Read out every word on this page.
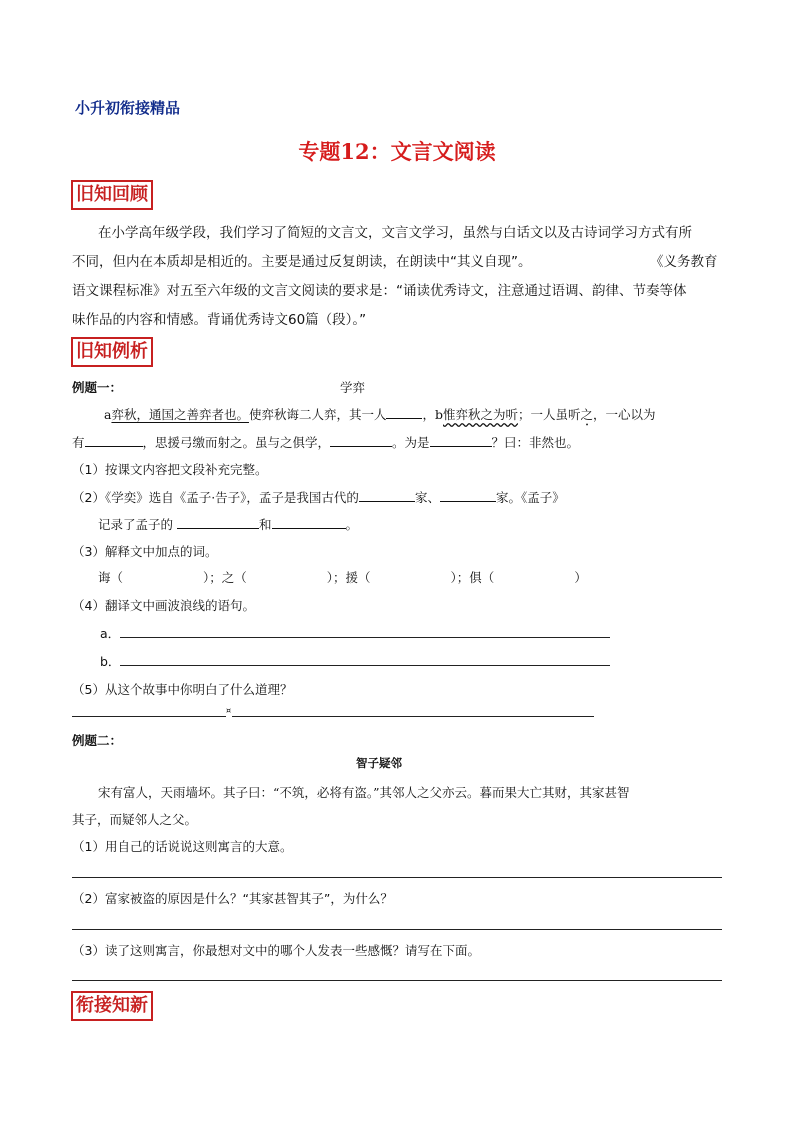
小升初衔接精品
专题12：文言文阅读
旧知回顾
在小学高年级学段，我们学习了简短的文言文，文言文学习，虽然与白话文以及古诗词学习方式有所
不同，但内在本质却是相近的。主要是通过反复朗读，在朗读中“其义自现”。	《义务教育
语文课程标准》对五至六年级的文言文阅读的要求是：“诵读优秀诗文，注意通过语调、韵律、节奏等体
味作品的内容和情感。背诵优秀诗文60篇（段）。”
旧知例析
例题一：	学弈
a弈秋，通国之善弈者也。使弈秋诲二人弈，其一人	，b惟弈秋之为听；一人虽听之，一心以为
有	，思援弓缴而射之。虽与之俱学，	。为是	？曰：非然也。
（1）按课文内容把文段补充完整。
（2）《学奕》选自《孟子·告子》，孟子是我国古代的	家、	家。《孟子》
记录了孟子的	和	。
（3）解释文中加点的词。
诲（	）；之（	）；援（	）；俱（	）
（4）翻译文中画波浪线的语句。
a．
b．
（5）从这个故事中你明白了什么道理？
¤
例题二：
智子疑邻
宋有富人，天雨墙坏。其子曰：“不筑，必将有盗。”其邻人之父亦云。暮而果大亡其财，其家甚智
其子，而疑邻人之父。
（1）用自己的话说说这则寓言的大意。
（2）富家被盗的原因是什么？“其家甚智其子”，为什么？
（3）读了这则寓言，你最想对文中的哪个人发表一些感慨？请写在下面。
衔接知新
